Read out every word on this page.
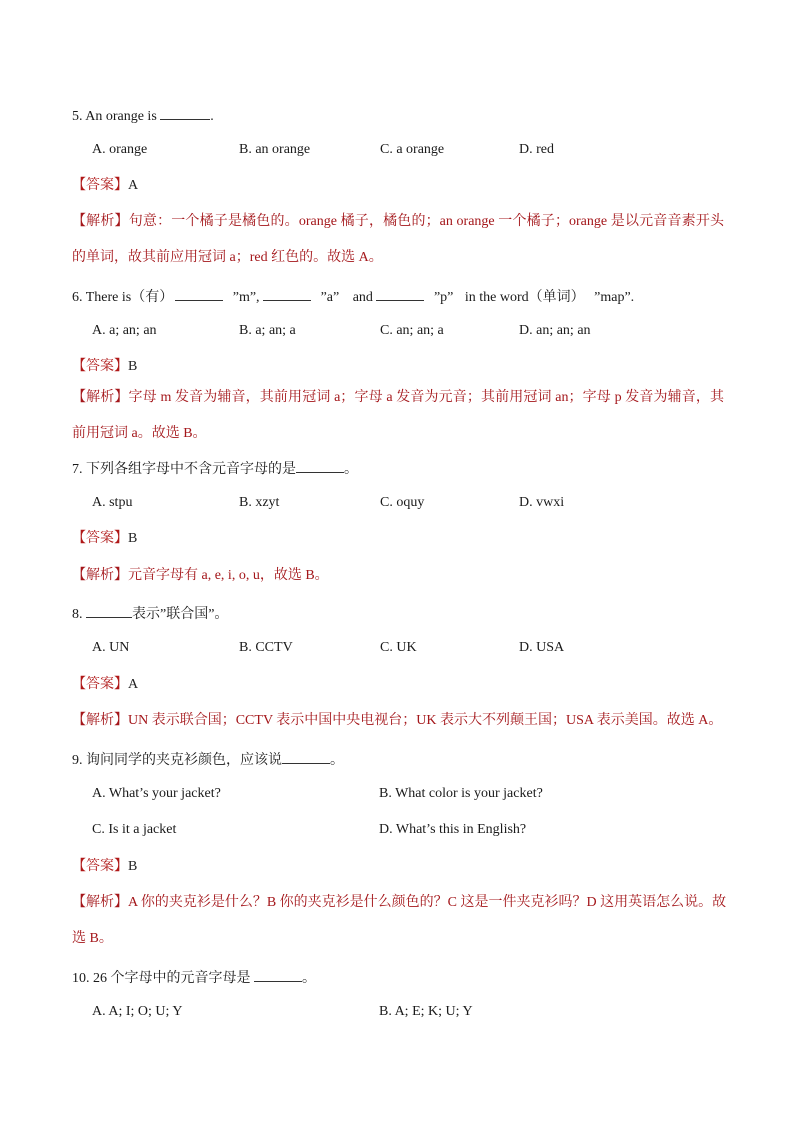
5. An orange is	.
A. orange	B. an orange	C. a orange	D. red
【答案】A
【解析】句意：一个橘子是橘色的。orange 橘子，橘色的；an orange 一个橘子；orange 是以元音音素开头
的单词，故其前应用冠词 a；red 红色的。故选 A。
6. There is（有）	”m”,	”a” and	”p” in the word（单词） ”map”.
A. a; an; an	B. a; an; a	C. an; an; a	D. an; an; an
【答案】B
【解析】字母 m 发音为辅音，其前用冠词 a；字母 a 发音为元音；其前用冠词 an；字母 p 发音为辅音，其
前用冠词 a。故选 B。
7. 下列各组字母中不含元音字母的是	。
A. stpu	B. xzyt	C. oquy	D. vwxi
【答案】B
【解析】元音字母有 a, e, i, o, u，故选 B。
8.	表示”联合国”。
A. UN	B. CCTV	C. UK	D. USA
【答案】A
【解析】UN 表示联合国；CCTV 表示中国中央电视台；UK 表示大不列颠王国；USA 表示美国。故选 A。
9. 询问同学的夹克衫颜色，应该说	。
A. What’s your jacket?	B. What color is your jacket?
C. Is it a jacket	D. What’s this in English?
【答案】B
【解析】A 你的夹克衫是什么？B 你的夹克衫是什么颜色的？C 这是一件夹克衫吗？D 这用英语怎么说。故
选 B。
10. 26 个字母中的元音字母是	。
A. A; I; O; U; Y	B. A; E; K; U; Y
